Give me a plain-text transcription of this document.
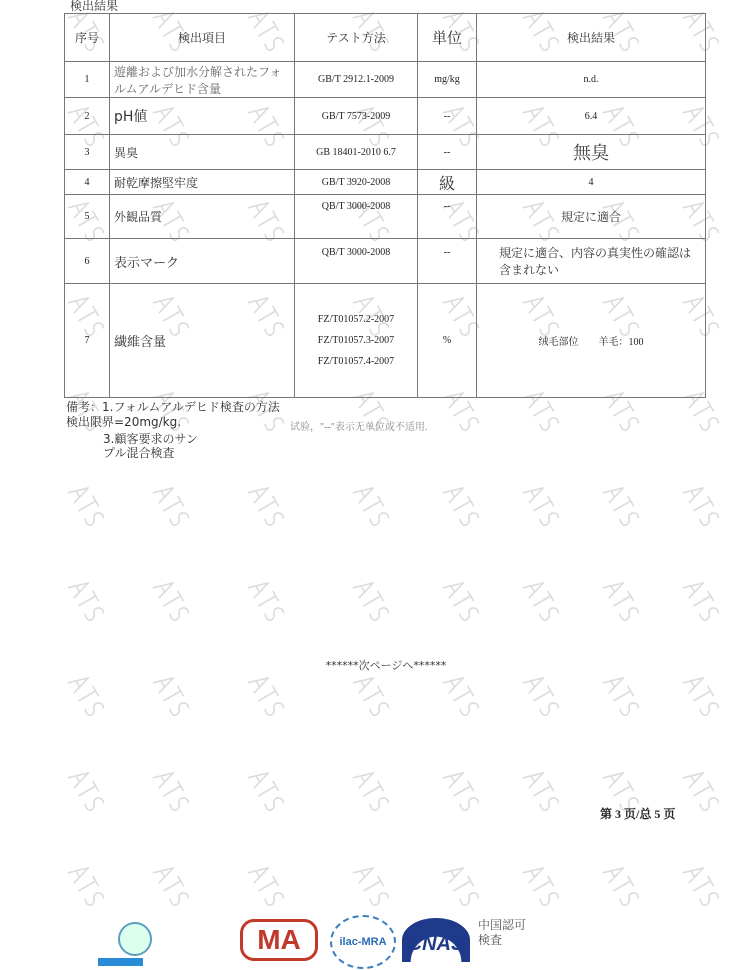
検出結果
序号	検出項目	テスト方法	単位	検出結果
1	遊離および加水分解されたフォルムアルデヒド含量	GB/T 2912.1-2009	mg/kg	n.d.
2	pH値	GB/T 7573-2009	--	6.4
3	異臭	GB 18401-2010 6.7	--	無臭
4	耐乾摩擦堅牢度	GB/T 3920-2008	級	4
5	外観品質	QB/T 3000-2008	--	規定に適合
6	表示マーク	QB/T 3000-2008	--	規定に適合、内容の真実性の確認は含まれない
7	繊維含量	FZ/T01057.2-2007
FZ/T01057.3-2007
FZ/T01057.4-2007	%	绒毛部位　　羊毛：100
備考：1.フォルムアルデヒド検査の方法検出限界=20mg/kg.	试验，"--"表示无单位或不适用.
3.顧客要求のサンプル混合検査
******次ページへ******
第 3 页/总 5 页
MA	ilac-MRA	CNAS
中国認可
検査
